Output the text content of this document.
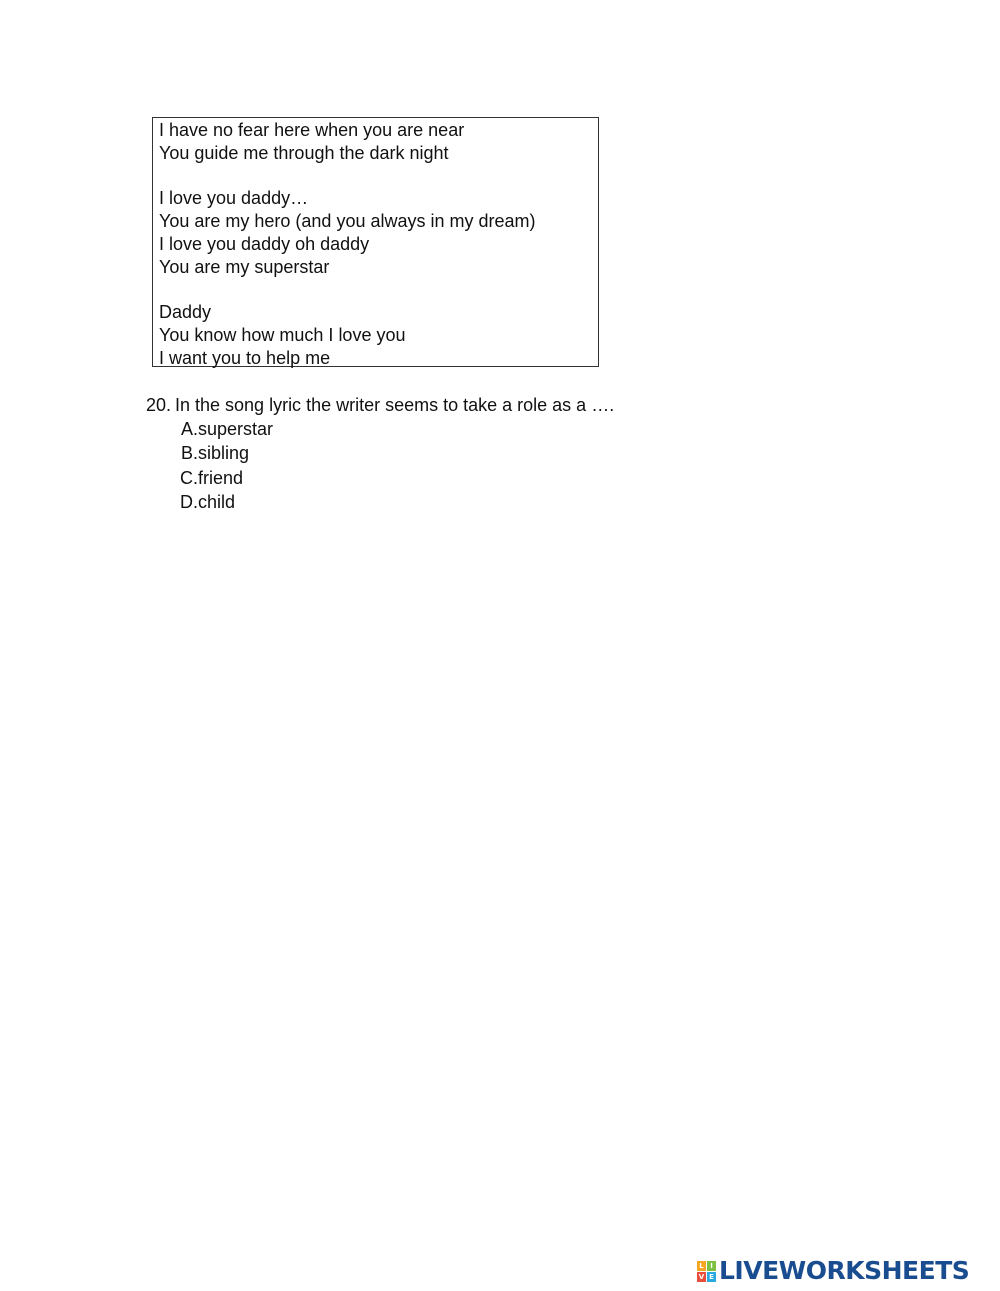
I have no fear here when you are near
You guide me through the dark night
I love you daddy…
You are my hero (and you always in my dream)
I love you daddy oh daddy
You are my superstar
Daddy
You know how much I love you
I want you to help me
20. In the song lyric the writer seems to take a role as a ….
A.superstar
B.sibling
C.friend
D.child
L I
V E LIVEWORKSHEETS
